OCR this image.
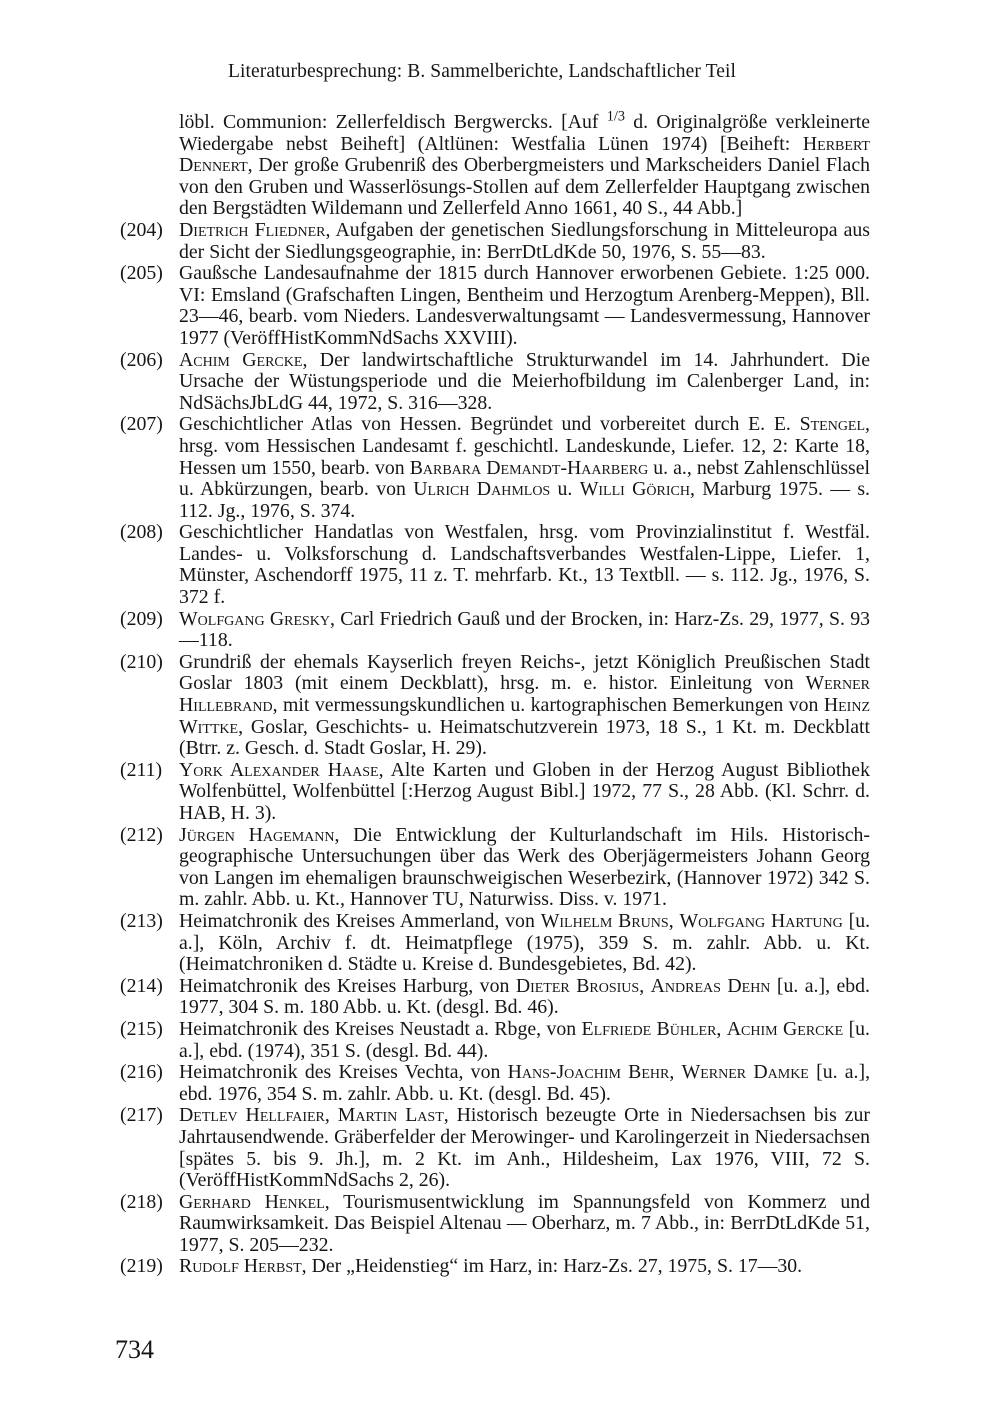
Literaturbesprechung: B. Sammelberichte, Landschaftlicher Teil
löbl. Communion: Zellerfeldisch Bergwercks. [Auf $^{1/3}$ d. Originalgröße verkleinerte Wiedergabe nebst Beiheft] (Altlünen: Westfalia Lünen 1974) [Beiheft: Herbert Dennert, Der große Grubenriß des Oberbergmeisters und Markscheiders Daniel Flach von den Gruben und Wasserlösungs-Stollen auf dem Zellerfelder Hauptgang zwischen den Bergstädten Wildemann und Zellerfeld Anno 1661, 40 S., 44 Abb.]
(204) Dietrich Fliedner, Aufgaben der genetischen Siedlungsforschung in Mitteleuropa aus der Sicht der Siedlungsgeographie, in: BerrDtLdKde 50, 1976, S. 55—83.
(205) Gaußsche Landesaufnahme der 1815 durch Hannover erworbenen Gebiete. 1:25 000. VI: Emsland (Grafschaften Lingen, Bentheim und Herzogtum Arenberg-Meppen), Bll. 23—46, bearb. vom Nieders. Landesverwaltungsamt — Landesvermessung, Hannover 1977 (VeröffHistKommNdSachs XXVIII).
(206) Achim Gercke, Der landwirtschaftliche Strukturwandel im 14. Jahrhundert. Die Ursache der Wüstungsperiode und die Meierhofbildung im Calenberger Land, in: NdSächsJbLdG 44, 1972, S. 316—328.
(207) Geschichtlicher Atlas von Hessen. Begründet und vorbereitet durch E. E. Stengel, hrsg. vom Hessischen Landesamt f. geschichtl. Landeskunde, Liefer. 12, 2: Karte 18, Hessen um 1550, bearb. von Barbara Demandt-Haarberg u. a., nebst Zahlenschlüssel u. Abkürzungen, bearb. von Ulrich Dahmlos u. Willi Görich, Marburg 1975. — s. 112. Jg., 1976, S. 374.
(208) Geschichtlicher Handatlas von Westfalen, hrsg. vom Provinzialinstitut f. Westfäl. Landes- u. Volksforschung d. Landschaftsverbandes Westfalen-Lippe, Liefer. 1, Münster, Aschendorff 1975, 11 z. T. mehrfarb. Kt., 13 Textbll. — s. 112. Jg., 1976, S. 372 f.
(209) Wolfgang Gresky, Carl Friedrich Gauß und der Brocken, in: Harz-Zs. 29, 1977, S. 93—118.
(210) Grundriß der ehemals Kayserlich freyen Reichs-, jetzt Königlich Preußischen Stadt Goslar 1803 (mit einem Deckblatt), hrsg. m. e. histor. Einleitung von Werner Hillebrand, mit vermessungskundlichen u. kartographischen Bemerkungen von Heinz Wittke, Goslar, Geschichts- u. Heimatschutzverein 1973, 18 S., 1 Kt. m. Deckblatt (Btrr. z. Gesch. d. Stadt Goslar, H. 29).
(211) York Alexander Haase, Alte Karten und Globen in der Herzog August Bibliothek Wolfenbüttel, Wolfenbüttel [:Herzog August Bibl.] 1972, 77 S., 28 Abb. (Kl. Schrr. d. HAB, H. 3).
(212) Jürgen Hagemann, Die Entwicklung der Kulturlandschaft im Hils. Historisch-geographische Untersuchungen über das Werk des Oberjägermeisters Johann Georg von Langen im ehemaligen braunschweigischen Weserbezirk, (Hannover 1972) 342 S. m. zahlr. Abb. u. Kt., Hannover TU, Naturwiss. Diss. v. 1971.
(213) Heimatchronik des Kreises Ammerland, von Wilhelm Bruns, Wolfgang Hartung [u. a.], Köln, Archiv f. dt. Heimatpflege (1975), 359 S. m. zahlr. Abb. u. Kt. (Heimatchroniken d. Städte u. Kreise d. Bundesgebietes, Bd. 42).
(214) Heimatchronik des Kreises Harburg, von Dieter Brosius, Andreas Dehn [u. a.], ebd. 1977, 304 S. m. 180 Abb. u. Kt. (desgl. Bd. 46).
(215) Heimatchronik des Kreises Neustadt a. Rbge, von Elfriede Bühler, Achim Gercke [u. a.], ebd. (1974), 351 S. (desgl. Bd. 44).
(216) Heimatchronik des Kreises Vechta, von Hans-Joachim Behr, Werner Damke [u. a.], ebd. 1976, 354 S. m. zahlr. Abb. u. Kt. (desgl. Bd. 45).
(217) Detlev Hellfaier, Martin Last, Historisch bezeugte Orte in Niedersachsen bis zur Jahrtausendwende. Gräberfelder der Merowinger- und Karolingerzeit in Niedersachsen [spätes 5. bis 9. Jh.], m. 2 Kt. im Anh., Hildesheim, Lax 1976, VIII, 72 S. (VeröffHistKommNdSachs 2, 26).
(218) Gerhard Henkel, Tourismusentwicklung im Spannungsfeld von Kommerz und Raumwirksamkeit. Das Beispiel Altenau — Oberharz, m. 7 Abb., in: BerrDtLdKde 51, 1977, S. 205—232.
(219) Rudolf Herbst, Der „Heidenstieg“ im Harz, in: Harz-Zs. 27, 1975, S. 17—30.
734
